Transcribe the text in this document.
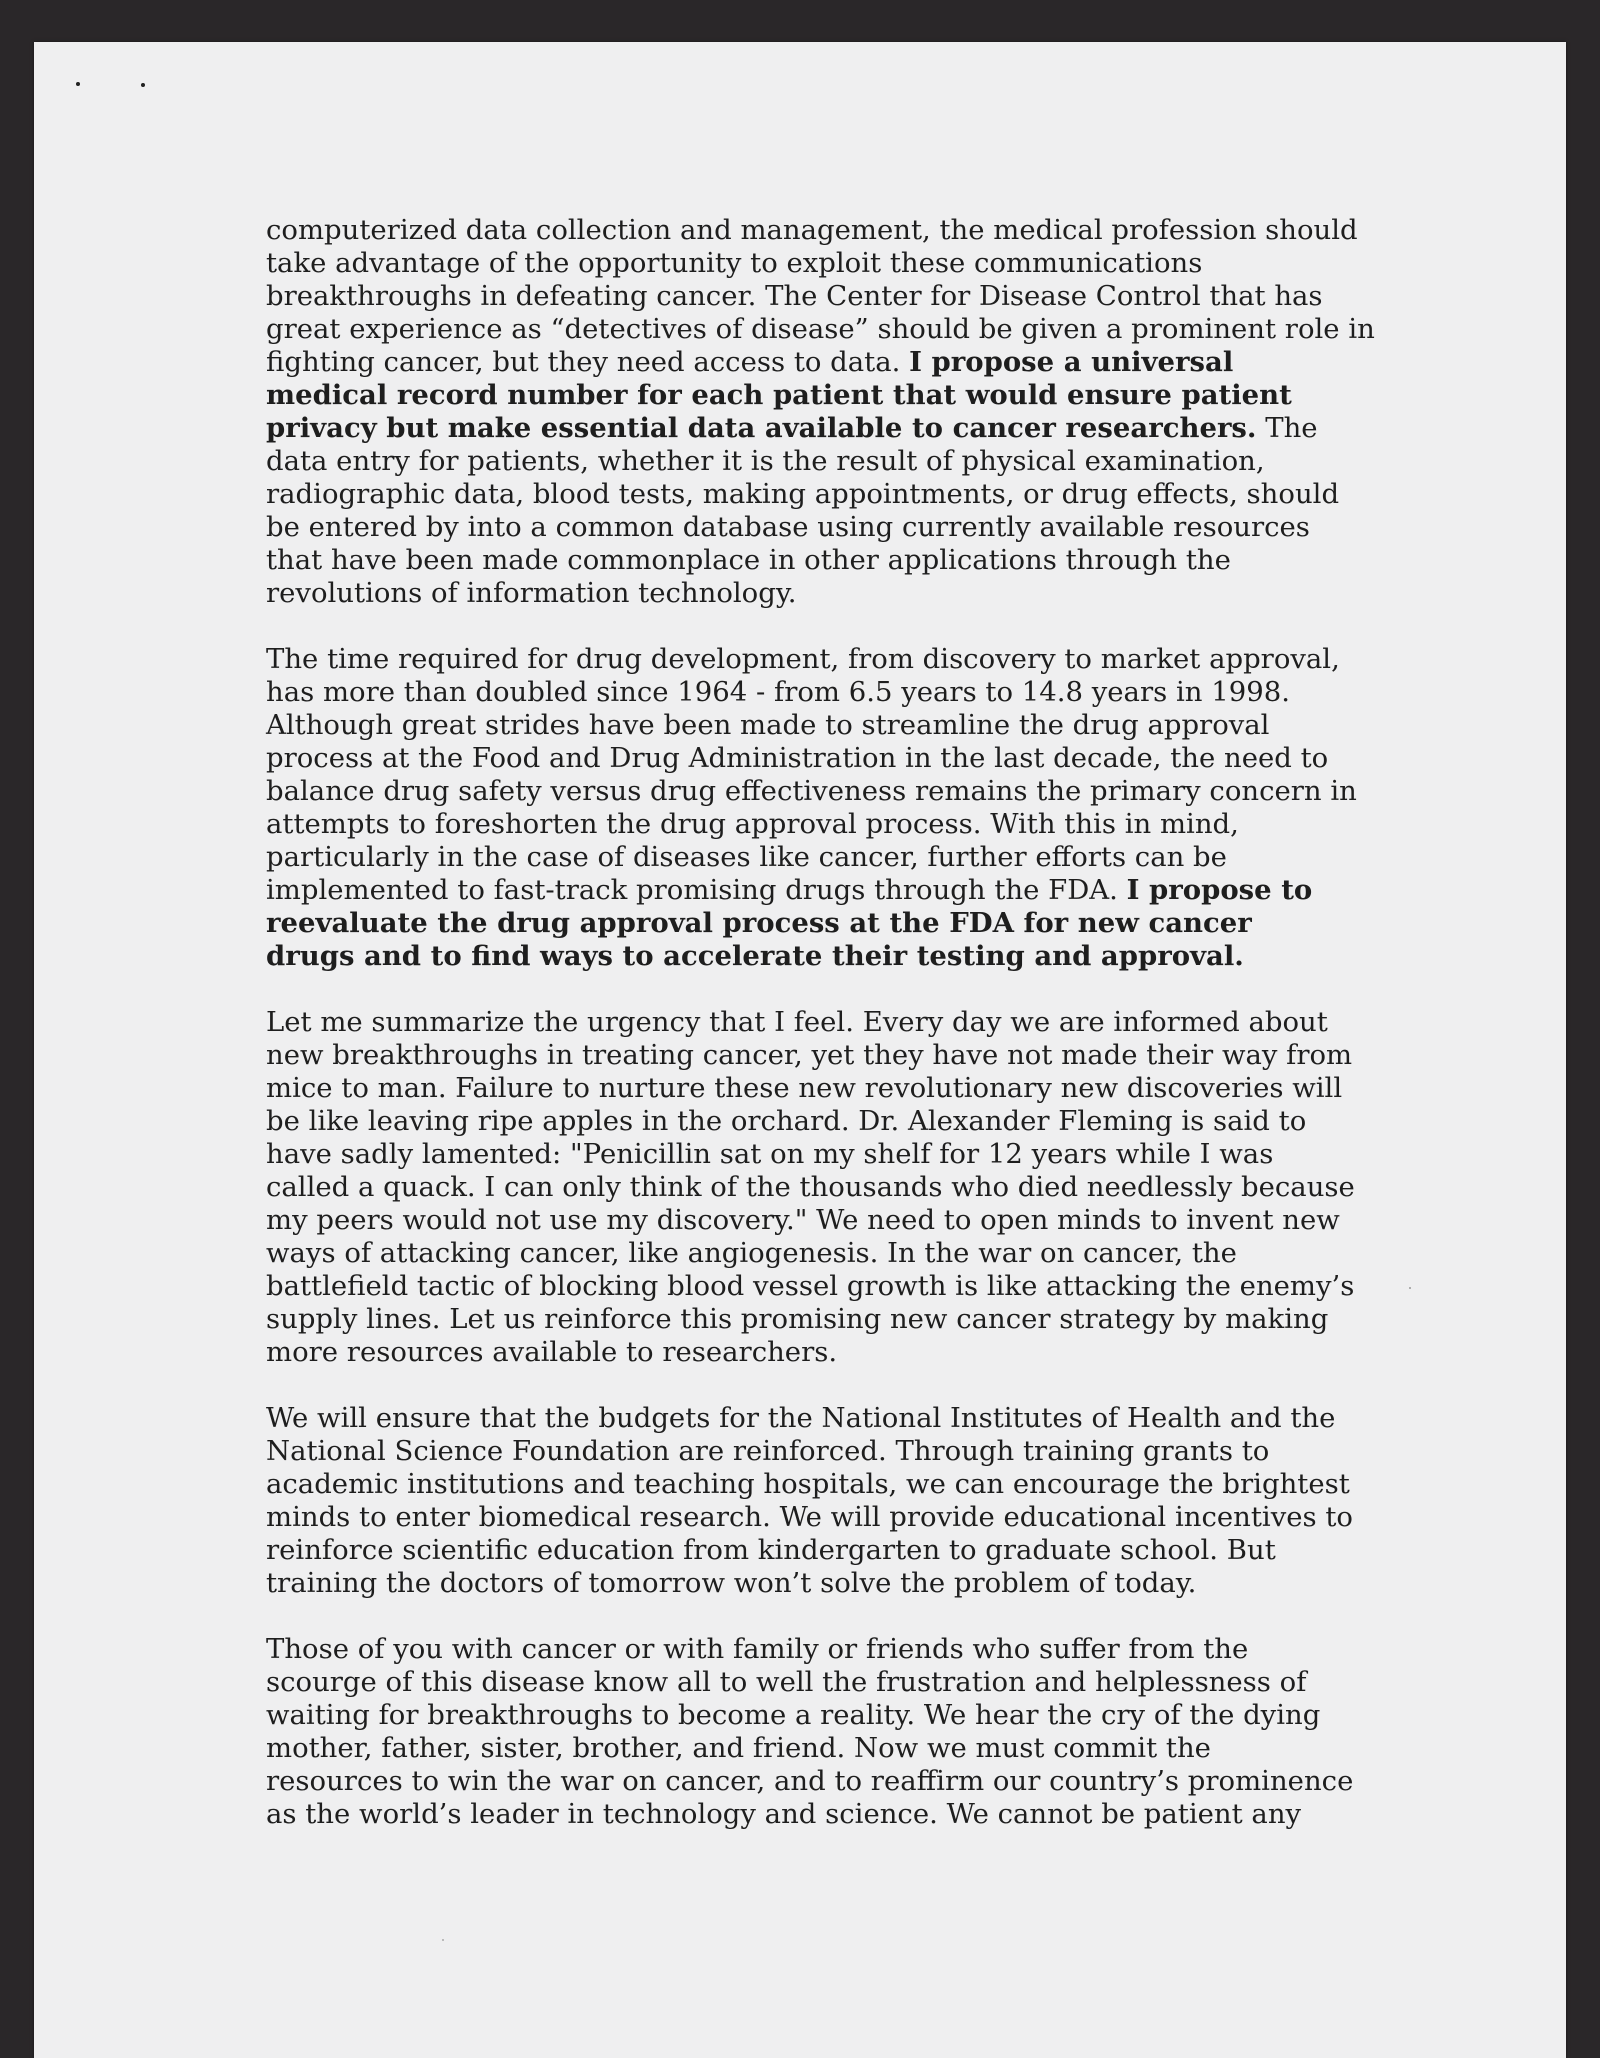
computerized data collection and management, the medical profession should
take advantage of the opportunity to exploit these communications
breakthroughs in defeating cancer. The Center for Disease Control that has
great experience as “detectives of disease” should be given a prominent role in
fighting cancer, but they need access to data. I propose a universal
medical record number for each patient that would ensure patient
privacy but make essential data available to cancer researchers. The
data entry for patients, whether it is the result of physical examination,
radiographic data, blood tests, making appointments, or drug effects, should
be entered by into a common database using currently available resources
that have been made commonplace in other applications through the
revolutions of information technology.

The time required for drug development, from discovery to market approval,
has more than doubled since 1964 - from 6.5 years to 14.8 years in 1998.
Although great strides have been made to streamline the drug approval
process at the Food and Drug Administration in the last decade, the need to
balance drug safety versus drug effectiveness remains the primary concern in
attempts to foreshorten the drug approval process. With this in mind,
particularly in the case of diseases like cancer, further efforts can be
implemented to fast-track promising drugs through the FDA. I propose to
reevaluate the drug approval process at the FDA for new cancer
drugs and to find ways to accelerate their testing and approval.

Let me summarize the urgency that I feel. Every day we are informed about
new breakthroughs in treating cancer, yet they have not made their way from
mice to man. Failure to nurture these new revolutionary new discoveries will
be like leaving ripe apples in the orchard. Dr. Alexander Fleming is said to
have sadly lamented: "Penicillin sat on my shelf for 12 years while I was
called a quack. I can only think of the thousands who died needlessly because
my peers would not use my discovery." We need to open minds to invent new
ways of attacking cancer, like angiogenesis. In the war on cancer, the
battlefield tactic of blocking blood vessel growth is like attacking the enemy’s
supply lines. Let us reinforce this promising new cancer strategy by making
more resources available to researchers.

We will ensure that the budgets for the National Institutes of Health and the
National Science Foundation are reinforced. Through training grants to
academic institutions and teaching hospitals, we can encourage the brightest
minds to enter biomedical research. We will provide educational incentives to
reinforce scientific education from kindergarten to graduate school. But
training the doctors of tomorrow won’t solve the problem of today.

Those of you with cancer or with family or friends who suffer from the
scourge of this disease know all to well the frustration and helplessness of
waiting for breakthroughs to become a reality. We hear the cry of the dying
mother, father, sister, brother, and friend. Now we must commit the
resources to win the war on cancer, and to reaffirm our country’s prominence
as the world’s leader in technology and science. We cannot be patient any
